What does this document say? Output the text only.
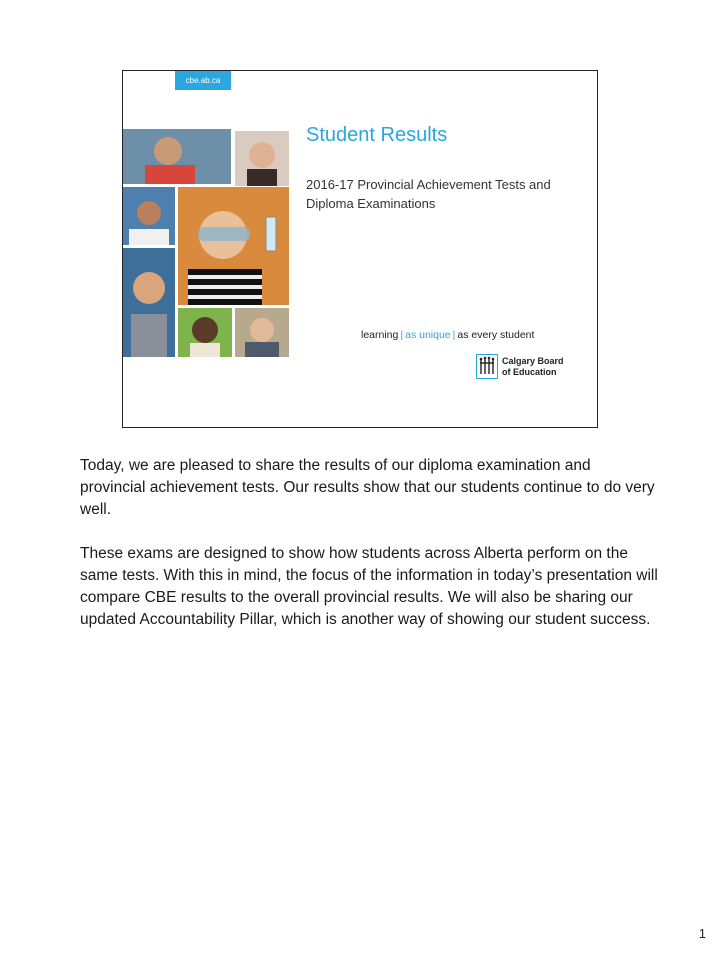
cbe.ab.ca
Student Results
2016-17 Provincial Achievement Tests and Diploma Examinations
learning | as unique | as every student
Calgary Board of Education

Today, we are pleased to share the results of our diploma examination and provincial achievement tests. Our results show that our students continue to do very well.

These exams are designed to show how students across Alberta perform on the same tests. With this in mind, the focus of the information in today’s presentation will compare CBE results to the overall provincial results. We will also be sharing our updated Accountability Pillar, which is another way of showing our student success.

1
